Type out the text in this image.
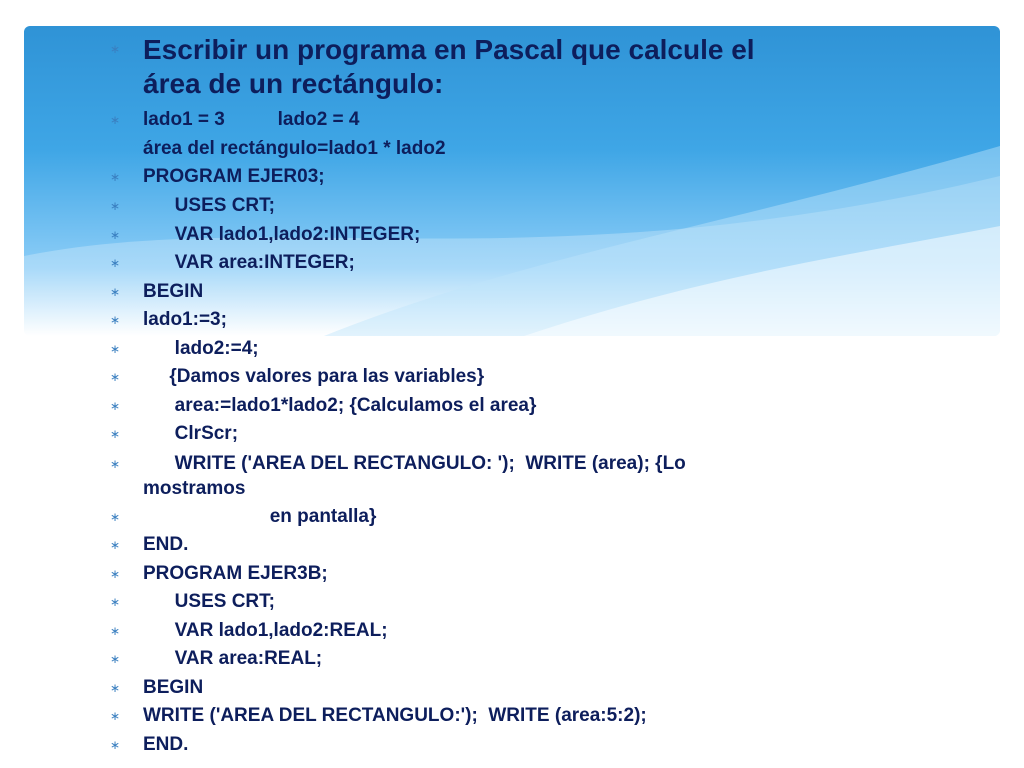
∗ Escribir un programa en Pascal que calcule el
área de un rectángulo:
∗ lado1 = 3          lado2 = 4
área del rectángulo=lado1 * lado2
∗ PROGRAM EJER03;
∗ USES CRT;
∗ VAR lado1,lado2:INTEGER;
∗ VAR area:INTEGER;
∗ BEGIN
∗ lado1:=3;
∗ lado2:=4;
∗ {Damos valores para las variables}
∗ area:=lado1*lado2; {Calculamos el area}
∗ ClrScr;
∗ WRITE ('AREA DEL RECTANGULO: ');  WRITE (area); {Lo
mostramos
∗ en pantalla}
∗ END.
∗ PROGRAM EJER3B;
∗ USES CRT;
∗ VAR lado1,lado2:REAL;
∗ VAR area:REAL;
∗ BEGIN
∗ WRITE ('AREA DEL RECTANGULO:');  WRITE (area:5:2);
∗ END.
